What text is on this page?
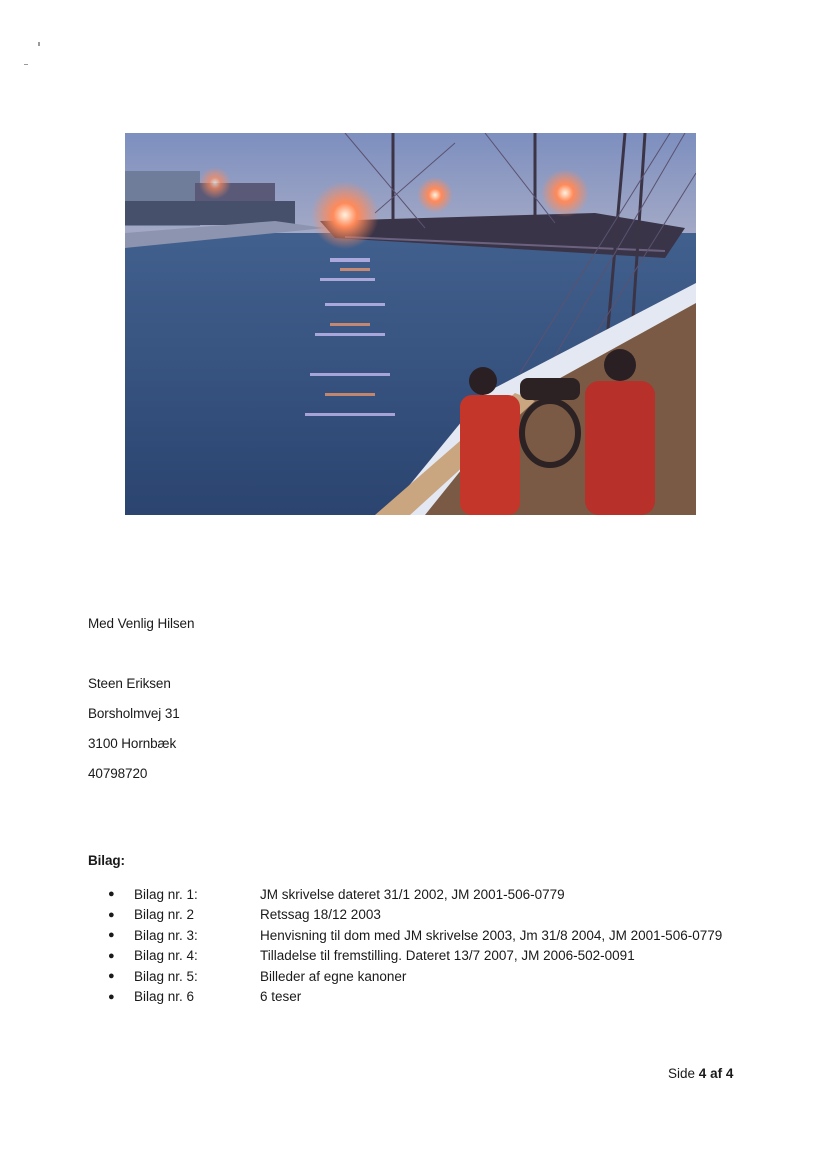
Med Venlig Hilsen
Steen Eriksen
Borsholmvej 31
3100 Hornbæk
40798720
Bilag:
●	Bilag nr. 1:	JM skrivelse dateret 31/1 2002, JM 2001-506-0779
●	Bilag nr. 2	Retssag 18/12 2003
●	Bilag nr. 3:	Henvisning til dom med JM skrivelse 2003, Jm 31/8 2004, JM 2001-506-0779
●	Bilag nr. 4:	Tilladelse til fremstilling. Dateret 13/7 2007, JM 2006-502-0091
●	Bilag nr. 5:	Billeder af egne kanoner
●	Bilag nr. 6	6 teser
Side 4 af 4
